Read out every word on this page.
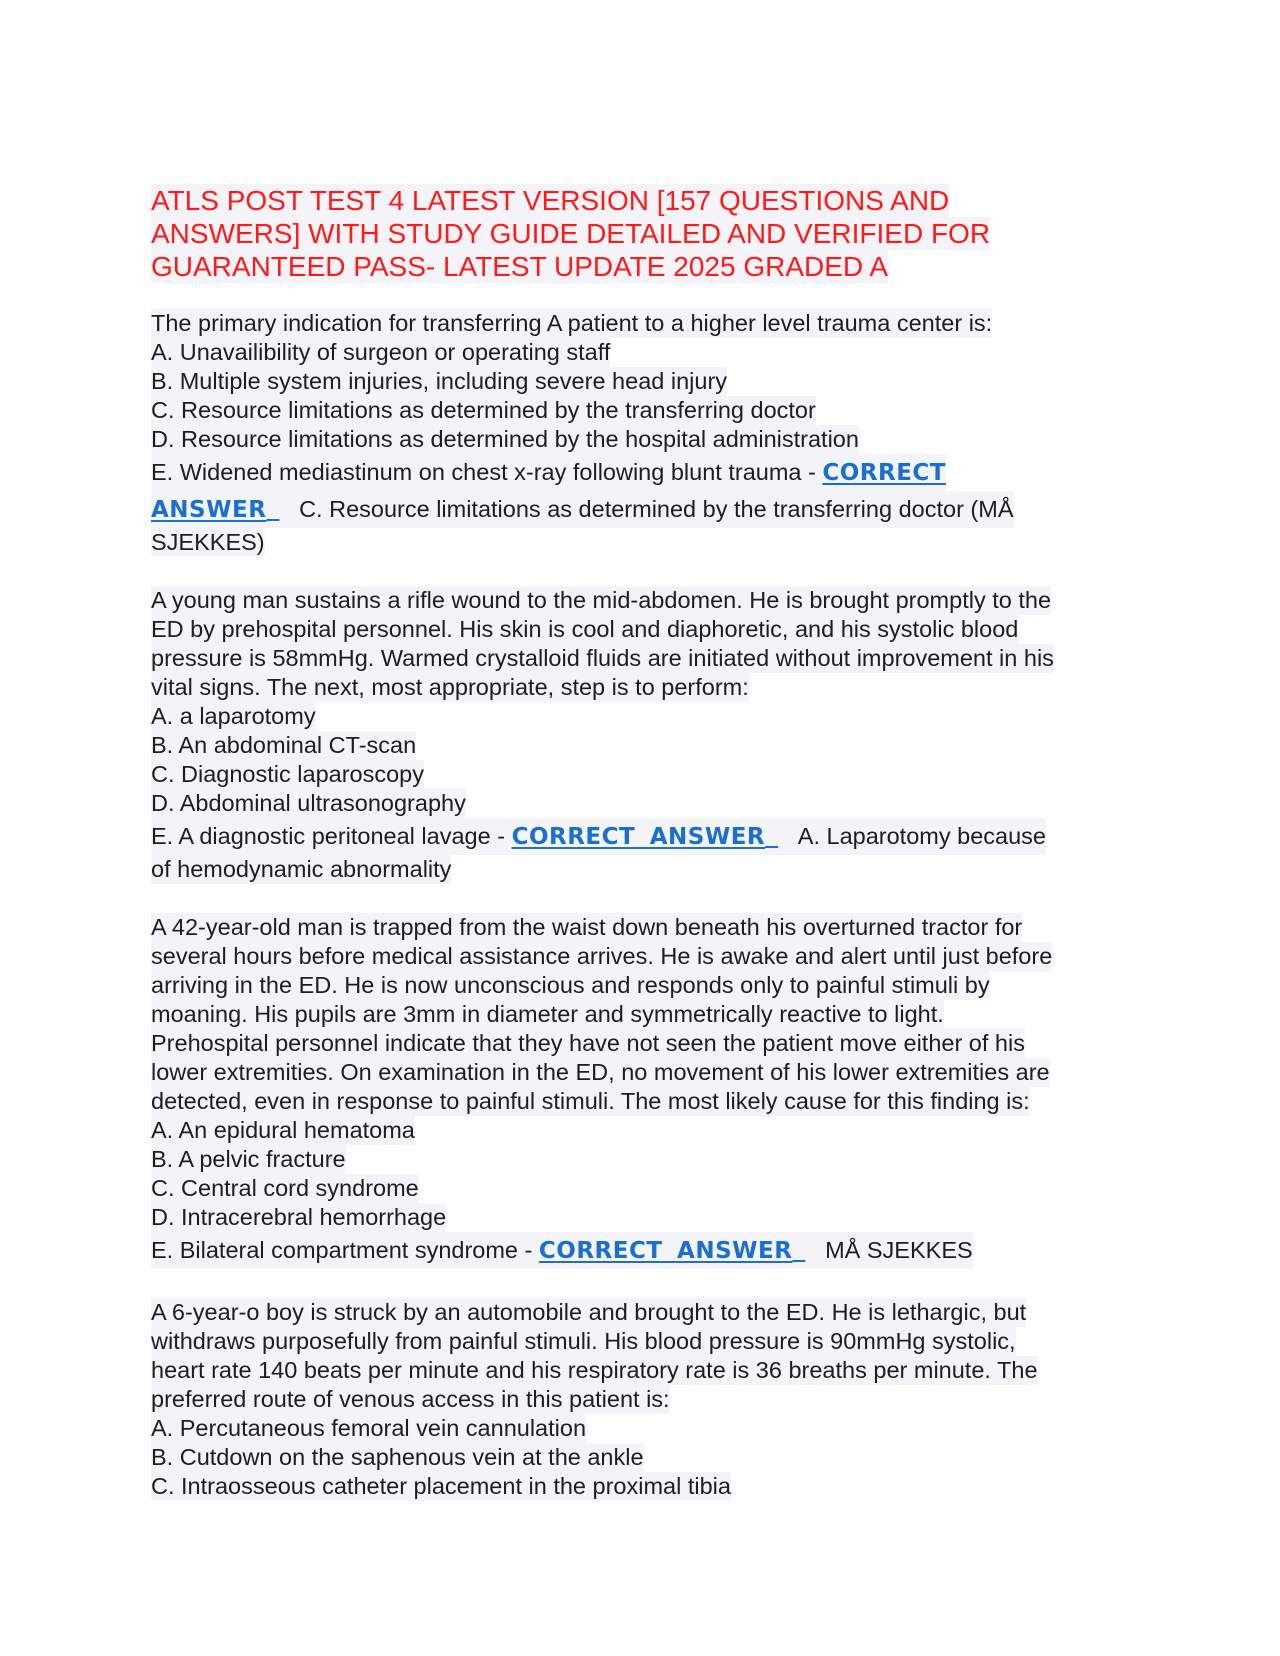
ATLS POST TEST 4 LATEST VERSION [157 QUESTIONS AND
ANSWERS] WITH STUDY GUIDE DETAILED AND VERIFIED FOR
GUARANTEED PASS- LATEST UPDATE 2025 GRADED A
The primary indication for transferring A patient to a higher level trauma center is:
A. Unavailibility of surgeon or operating staff
B. Multiple system injuries, including severe head injury
C. Resource limitations as determined by the transferring doctor
D. Resource limitations as determined by the hospital administration
E. Widened mediastinum on chest x-ray following blunt trauma - CORRECT
ANSWER C. Resource limitations as determined by the transferring doctor (MÅ
SJEKKES)
A young man sustains a rifle wound to the mid-abdomen. He is brought promptly to the
ED by prehospital personnel. His skin is cool and diaphoretic, and his systolic blood
pressure is 58mmHg. Warmed crystalloid fluids are initiated without improvement in his
vital signs. The next, most appropriate, step is to perform:
A. a laparotomy
B. An abdominal CT-scan
C. Diagnostic laparoscopy
D. Abdominal ultrasonography
E. A diagnostic peritoneal lavage - CORRECT ANSWER A. Laparotomy because
of hemodynamic abnormality
A 42-year-old man is trapped from the waist down beneath his overturned tractor for
several hours before medical assistance arrives. He is awake and alert until just before
arriving in the ED. He is now unconscious and responds only to painful stimuli by
moaning. His pupils are 3mm in diameter and symmetrically reactive to light.
Prehospital personnel indicate that they have not seen the patient move either of his
lower extremities. On examination in the ED, no movement of his lower extremities are
detected, even in response to painful stimuli. The most likely cause for this finding is:
A. An epidural hematoma
B. A pelvic fracture
C. Central cord syndrome
D. Intracerebral hemorrhage
E. Bilateral compartment syndrome - CORRECT ANSWER MÅ SJEKKES
A 6-year-o boy is struck by an automobile and brought to the ED. He is lethargic, but
withdraws purposefully from painful stimuli. His blood pressure is 90mmHg systolic,
heart rate 140 beats per minute and his respiratory rate is 36 breaths per minute. The
preferred route of venous access in this patient is:
A. Percutaneous femoral vein cannulation
B. Cutdown on the saphenous vein at the ankle
C. Intraosseous catheter placement in the proximal tibia
